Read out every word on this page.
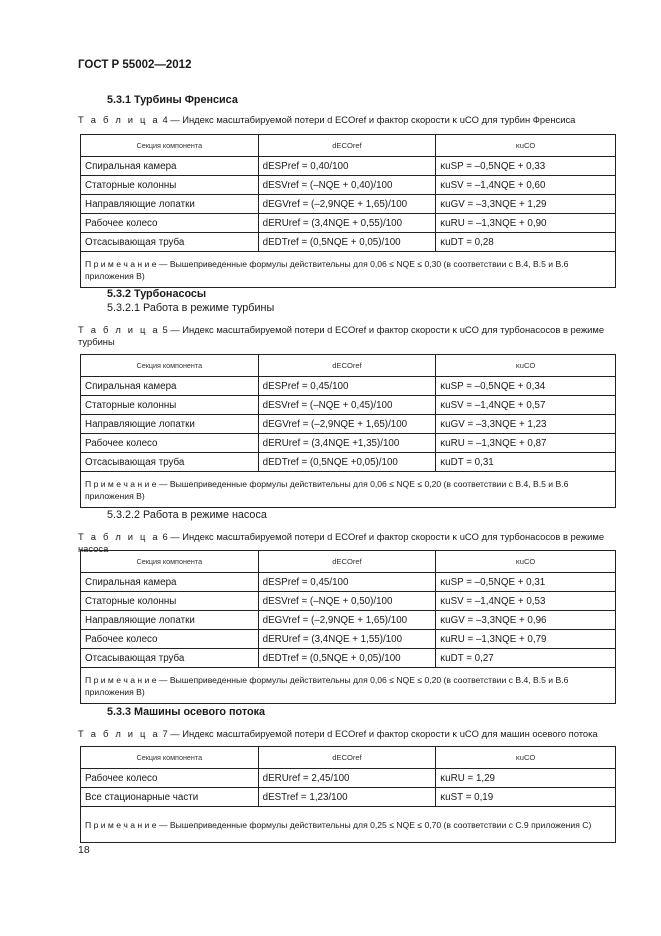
ГОСТ Р 55002—2012
5.3.1 Турбины Френсиса
Т а б л и ц а 4 — Индекс масштабируемой потери d ECOref и фактор скорости κ uCO для турбин Френсиса
Секция компонента	dECOref	κuCO
Спиральная камера	dESPref = 0,40/100	κuSP = –0,5NQE + 0,33
Статорные колонны	dESVref = (–NQE + 0,40)/100	κuSV = –1,4NQE + 0,60
Направляющие лопатки	dEGVref = (–2,9NQE + 1,65)/100	κuGV = –3,3NQE + 1,29
Рабочее колесо	dERUref = (3,4NQE + 0,55)/100	κuRU = –1,3NQE + 0,90
Отсасывающая труба	dEDTref = (0,5NQE + 0,05)/100	κuDT = 0,28
П р и м е ч а н и е — Вышеприведенные формулы действительны для 0,06 ≤ NQE ≤ 0,30 (в соответствии с В.4, В.5 и В.6 приложения В)		
5.3.2 Турбонасосы
5.3.2.1 Работа в режиме турбины
Т а б л и ц а 5 — Индекс масштабируемой потери d ECOref и фактор скорости κ uCO для турбонасосов в режиме турбины
Секция компонента	dECOref	κuCO
Спиральная камера	dESPref = 0,45/100	κuSP = –0,5NQE + 0,34
Статорные колонны	dESVref = (–NQE + 0,45)/100	κuSV = –1,4NQE + 0,57
Направляющие лопатки	dEGVref = (–2,9NQE + 1,65)/100	κuGV = –3,3NQE + 1,23
Рабочее колесо	dERUref = (3,4NQE +1,35)/100	κuRU = –1,3NQE + 0,87
Отсасывающая труба	dEDTref = (0,5NQE +0,05)/100	κuDT = 0,31
П р и м е ч а н и е — Вышеприведенные формулы действительны для 0,06 ≤ NQE ≤ 0,20 (в соответствии с В.4, В.5 и В.6 приложения В)		
5.3.2.2 Работа в режиме насоса
Т а б л и ц а 6 — Индекс масштабируемой потери d ECOref и фактор скорости κ uCO для турбонасосов в режиме насоса
Секция компонента	dECOref	κuCO
Спиральная камера	dESPref = 0,45/100	κuSP = –0,5NQE + 0,31
Статорные колонны	dESVref = (–NQE + 0,50)/100	κuSV = –1,4NQE + 0,53
Направляющие лопатки	dEGVref = (–2,9NQE + 1,65)/100	κuGV = –3,3NQE + 0,96
Рабочее колесо	dERUref = (3,4NQE + 1,55)/100	κuRU = –1,3NQE + 0,79
Отсасывающая труба	dEDTref = (0,5NQE + 0,05)/100	κuDT = 0,27
П р и м е ч а н и е — Вышеприведенные формулы действительны для 0,06 ≤ NQE ≤ 0,20 (в соответствии с В.4, В.5 и В.6 приложения В)		
5.3.3 Машины осевого потока
Т а б л и ц а 7 — Индекс масштабируемой потери d ECOref и фактор скорости κ uCO для машин осевого потока
Секция компонента	dECOref	κuCO
Рабочее колесо	dERUref = 2,45/100	κuRU = 1,29
Все стационарные части	dESTref = 1,23/100	κuST = 0,19
П р и м е ч а н и е — Вышеприведенные формулы действительны для 0,25 ≤ NQE ≤ 0,70 (в соответствии с С.9 приложения С)		
18
